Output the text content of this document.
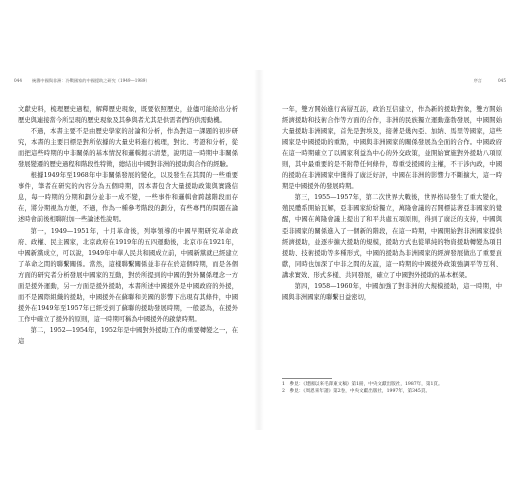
044 統籌中國與非洲：冷戰國家的中國援助之研究（1949—1989）

文獻史料，梳理歷史過程，解釋歷史現象，既要依照歷史，並儘可能給出分析歷史與連接當今所呈現的歷史現象及其參與者尤其是供需者們的供需動機。

不過，本書主要不是由歷史學家的討論和分析，作為對這一課題的初步研究，本書的主要目標是對所依據的大量史料進行梳理，對比、考證和分析，從而把這些時期的中非關係的基本情況和邏輯揭示清楚，說明這一時期中非關係發展變遷的歷史過程和階段性特徵，總結出中國對非洲的援助與合作的經驗。

根據1949年至1968年中非關係發展的變化，以及發生在其間的一些重要事件，筆者在研究的內容分為五個時期，因本書包含大量援助政策與實踐信息，每一時期的分期和劃分並非一成不變，一些事件和邏輯會跨越階段而存在，將分期視為方便，不過，作為一種參考階段的劃分，有些專門的問題在論述時會前後相聯附加一些論述性說明。

第一，1949—1951年，十月革命後，列寧領導的中國早期研究革命政府、政權、民主國家，北京政府在1919年的五四運動後，北京市在1921年，中國新黨成立，可以說，1949年中華人民共和國成立前，中國新黨就已經建立了革命之間的聯繫關係。當然，這樣聯繫關係並非存在於這個時期，而是各個方面的研究者分析發展中國家的互動，對於所提到的中國的對外關係理念一方面是援外運動，另一方面是援外援助，本書所述中國援外是中國政府的外援，而不是國際組織的援助，中國援外在蘇聯和美國的影響下出現有其條件，中國援外在1949年至1957年已經受到了蘇聯的援助發展時期，一般認為，在援外工作中確立了援外的原則，這一時期可稱為中國援外的啟蒙時期。

第二，1952—1954年，1952年是中國對外援助工作的重要轉變之一，在這

序言	045

一年，雙方開始進行高層互訪，政治互信建立，作為新的援助對象，雙方開始經濟援助和技術合作等方面的合作，非洲的民族獨立運動蓬勃發展，中國開始大量援助非洲國家，首先是對埃及，接著是幾內亞、加納、馬里等國家，這些國家是中國援助的重點，中國與非洲國家的關係發展為全面的合作。中國政府在這一時期確立了以國家利益為中心的外交政策，並開始實施對外援助八項原則，其中最重要的是不附帶任何條件，尊重受援國的主權，不干涉內政，中國的援助在非洲國家中獲得了廣泛好評，中國在非洲的影響力不斷擴大，這一時期是中國援外的發展時期。

第三，1955—1957年，第二次世界大戰後，世界格局發生了重大變化，殖民體系開始瓦解，亞非國家紛紛獨立，萬隆會議的召開標誌著亞非國家的覺醒，中國在萬隆會議上提出了和平共處五項原則，得到了廣泛的支持，中國與亞非國家的關係進入了一個新的階段，在這一時期，中國開始對非洲國家提供經濟援助，並逐步擴大援助的規模，援助方式也從單純的物資援助轉變為項目援助、技術援助等多種形式，中國的援助為非洲國家的經濟發展做出了重要貢獻，同時也加深了中非之間的友誼，這一時期的中國援外政策強調平等互利、講求實效、形式多樣、共同發展，確立了中國對外援助的基本框架。

第四，1958—1960年，中國加強了對非洲的大規模援助，這一時期，中國與非洲國家的聯繫日益密切，

1　參見：《建國以來毛澤東文稿》第1冊，中央文獻出版社，1987年，第1頁。
2　參見：《周恩來年譜》第2卷，中央文獻出版社，1997年，第345頁。
